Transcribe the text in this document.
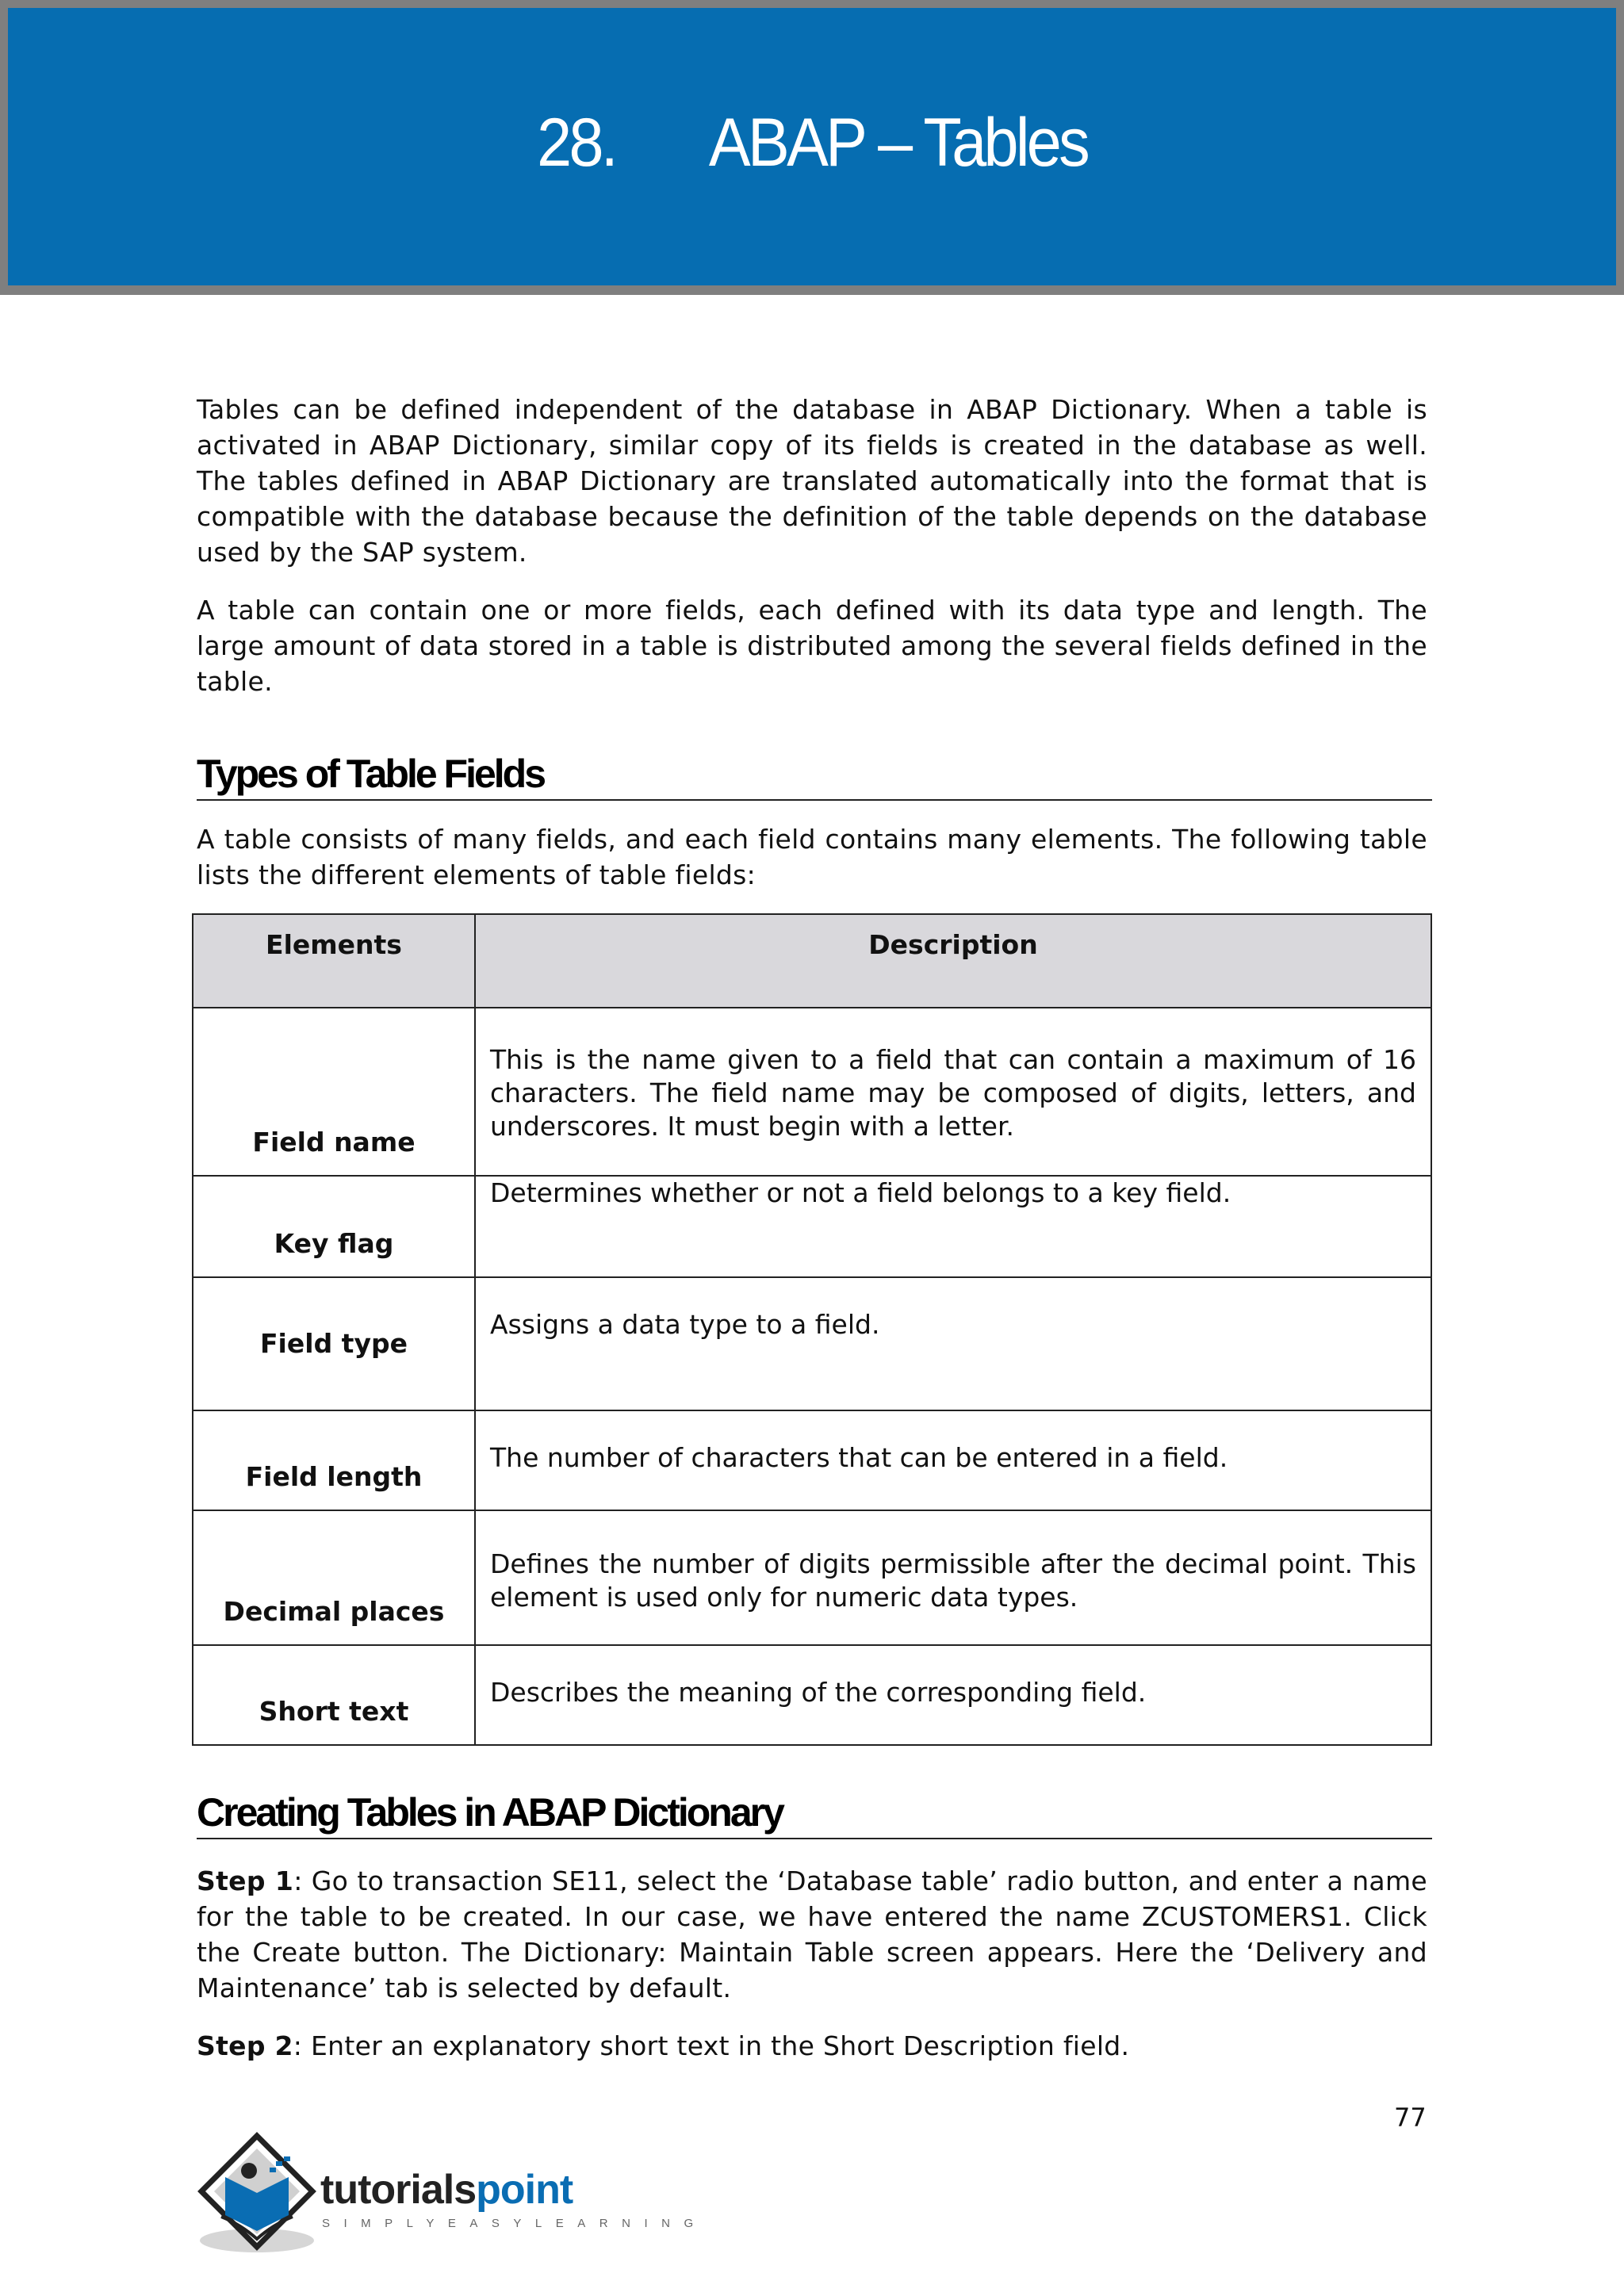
28. ABAP – Tables

Tables can be defined independent of the database in ABAP Dictionary. When a table is activated in ABAP Dictionary, similar copy of its fields is created in the database as well. The tables defined in ABAP Dictionary are translated automatically into the format that is compatible with the database because the definition of the table depends on the database used by the SAP system.

A table can contain one or more fields, each defined with its data type and length. The large amount of data stored in a table is distributed among the several fields defined in the table.

Types of Table Fields

A table consists of many fields, and each field contains many elements. The following table lists the different elements of table fields:

Creating Tables in ABAP Dictionary

Step 1: Go to transaction SE11, select the ‘Database table’ radio button, and enter a name for the table to be created. In our case, we have entered the name ZCUSTOMERS1. Click the Create button. The Dictionary: Maintain Table screen appears. Here the ‘Delivery and Maintenance’ tab is selected by default.

Step 2: Enter an explanatory short text in the Short Description field.

Elements	Description
Field name	This is the name given to a field that can contain a maximum of 16 characters. The field name may be composed of digits, letters, and underscores. It must begin with a letter.
Key flag	Determines whether or not a field belongs to a key field.
Field type	Assigns a data type to a field.
Field length	The number of characters that can be entered in a field.
Decimal places	Defines the number of digits permissible after the decimal point. This element is used only for numeric data types.
Short text	Describes the meaning of the corresponding field.
77
tutorialspoint
SIMPLYEASYLEARNING
